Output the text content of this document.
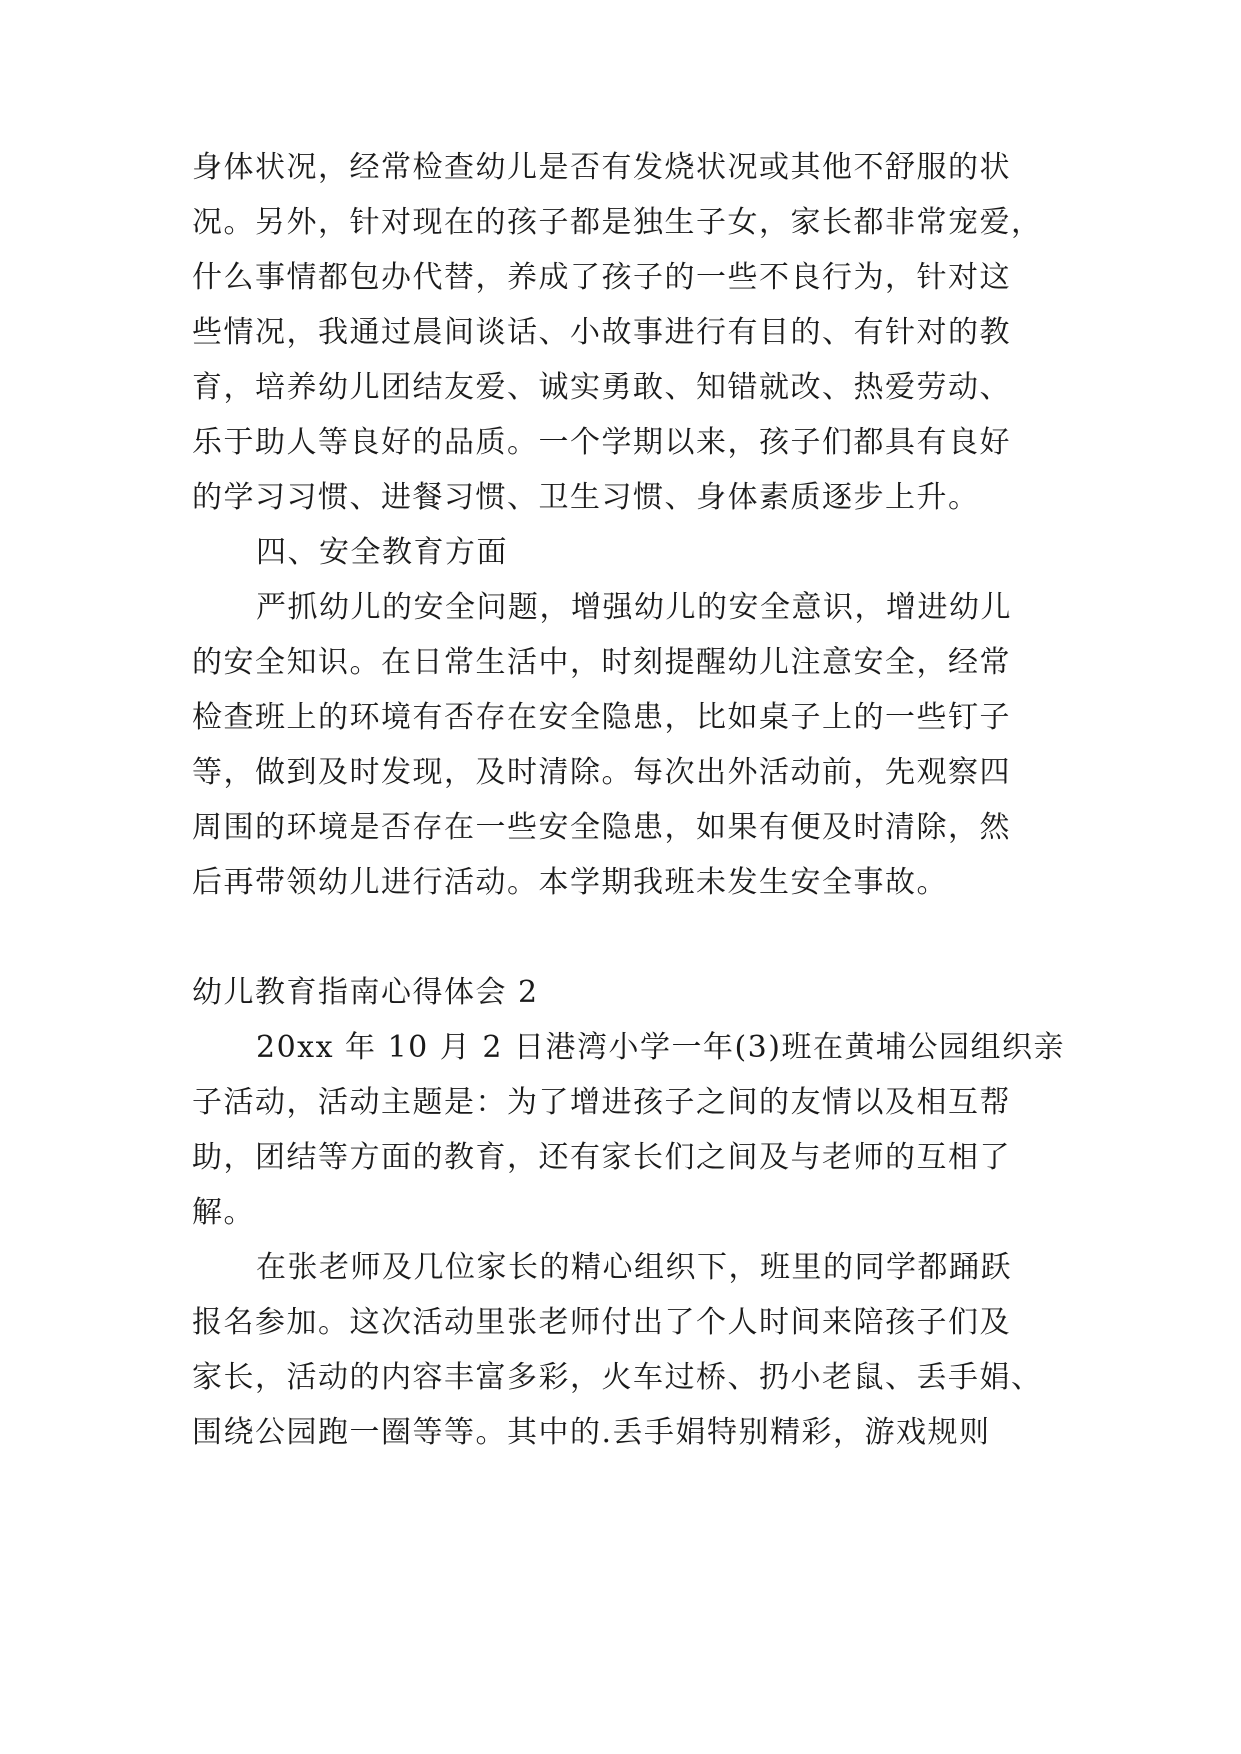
身体状况，经常检查幼儿是否有发烧状况或其他不舒服的状
况。另外，针对现在的孩子都是独生子女，家长都非常宠爱，
什么事情都包办代替，养成了孩子的一些不良行为，针对这
些情况，我通过晨间谈话、小故事进行有目的、有针对的教
育，培养幼儿团结友爱、诚实勇敢、知错就改、热爱劳动、
乐于助人等良好的品质。一个学期以来，孩子们都具有良好
的学习习惯、进餐习惯、卫生习惯、身体素质逐步上升。
四、安全教育方面
严抓幼儿的安全问题，增强幼儿的安全意识，增进幼儿
的安全知识。在日常生活中，时刻提醒幼儿注意安全，经常
检查班上的环境有否存在安全隐患，比如桌子上的一些钉子
等，做到及时发现，及时清除。每次出外活动前，先观察四
周围的环境是否存在一些安全隐患，如果有便及时清除，然
后再带领幼儿进行活动。本学期我班未发生安全事故。
幼儿教育指南心得体会 2
20xx 年 10 月 2 日港湾小学一年(3)班在黄埔公园组织亲
子活动，活动主题是：为了增进孩子之间的友情以及相互帮
助，团结等方面的教育，还有家长们之间及与老师的互相了
解。
在张老师及几位家长的精心组织下，班里的同学都踊跃
报名参加。这次活动里张老师付出了个人时间来陪孩子们及
家长，活动的内容丰富多彩，火车过桥、扔小老鼠、丢手娟、
围绕公园跑一圈等等。其中的.丢手娟特别精彩，游戏规则
